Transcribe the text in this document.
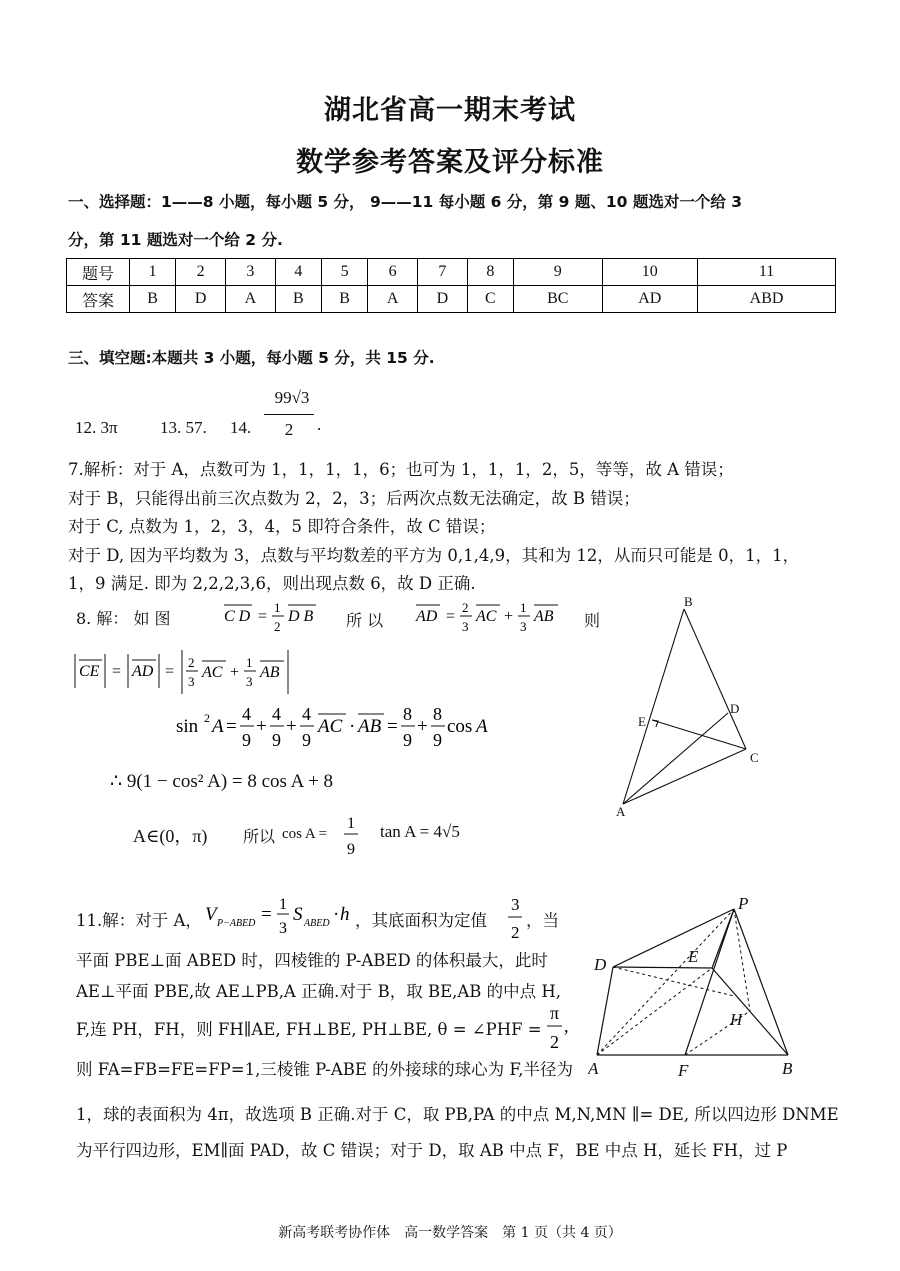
湖北省高一期末考试
数学参考答案及评分标准
一、选择题：1——8 小题，每小题 5 分， 9——11 每小题 6 分，第 9 题、10 题选对一个给 3
分，第 11 题选对一个给 2 分.
题号	1	2	3	4	5	6	7	8	9	10	11
答案	B	D	A	B	B	A	D	C	BC	AD	ABD
三、填空题:本题共 3 小题，每小题 5 分，共 15 分.
12. 3π 13. 57. 14.
99√3
2	.
7.解析：对于 A，点数可为 1，1，1，1，6；也可为 1，1，1，2，5，等等，故 A 错误；
对于 B，只能得出前三次点数为 2，2，3；后两次点数无法确定，故 B 错误；
对于 C, 点数为 1，2，3，4，5 即符合条件，故 C 错误；
对于 D, 因为平均数为 3，点数与平均数差的平方为 0,1,4,9，其和为 12，从而只可能是 0，1，1，
1，9 满足. 即为 2,2,2,3,6，则出现点数 6，故 D 正确.
8. 解： 如 图	C D =
1
2
D B 所 以 AD =
2
3
AC +
1
3
AB 则
CE = AD =
2
3
AC +
1
3
AB
sin 2 A =
4
9
+
4
9
+
4
9
AC · AB =
8
9
+
8
9
cos A
∴ 9(1 − cos² A) = 8 cos A + 8
A∈(0，π) 所以 cos A =
1
9
tan A = 4√5
B
D
E
C
A
11.解：对于 A， V P−ABED = 1
3
S ABED · h ，其底面积为定值
3
2
，当
平面 PBE⊥面 ABED 时，四棱锥的 P-ABED 的体积最大，此时
AE⊥平面 PBE,故 AE⊥PB,A 正确.对于 B，取 BE,AB 的中点 H,
F,连 PH，FH，则 FH∥AE, FH⊥BE, PH⊥BE, θ = ∠PHF =
π
2
,
则 FA=FB=FE=FP=1,三棱锥 P-ABE 的外接球的球心为 F,半径为
1，球的表面积为 4π，故选项 B 正确.对于 C，取 PB,PA 的中点 M,N,MN ∥= DE, 所以四边形 DNME
为平行四边形，EM∥面 PAD，故 C 错误；对于 D，取 AB 中点 F，BE 中点 H，延长 FH，过 P
P
D	E
H
A	F	B
新高考联考协作体　高一数学答案　第 1 页（共 4 页）
